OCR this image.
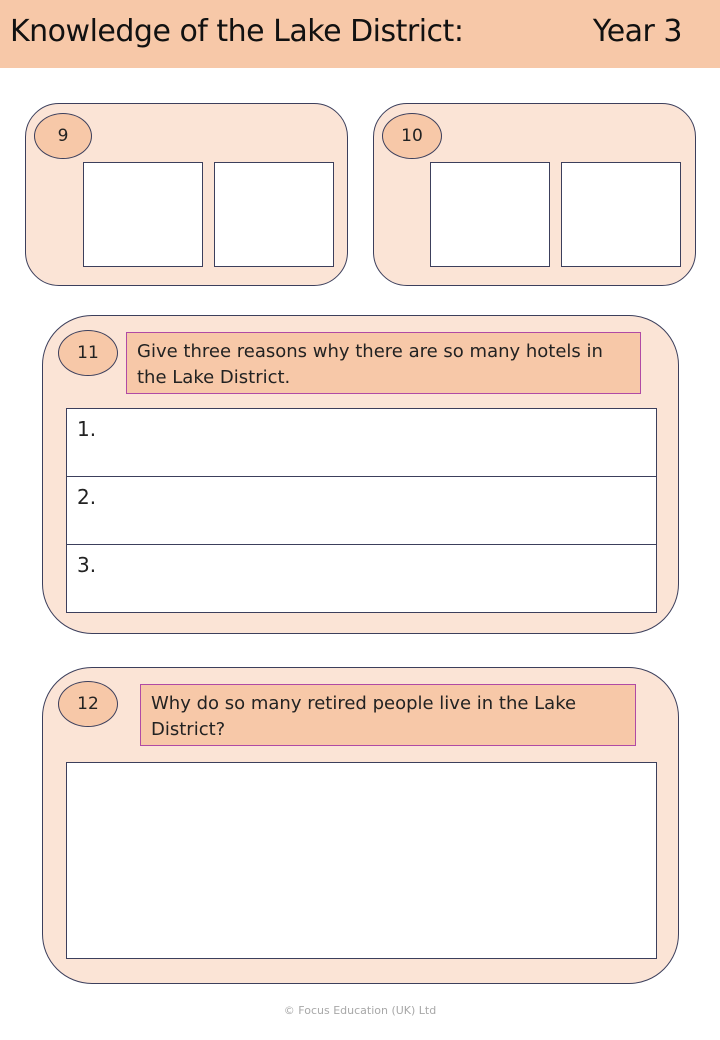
Knowledge of the Lake District:	Year 3
9	10
11	Give three reasons why there are so many hotels in the Lake District.
1.
2.
3.
12	Why do so many retired people live in the Lake District?
© Focus Education (UK) Ltd
